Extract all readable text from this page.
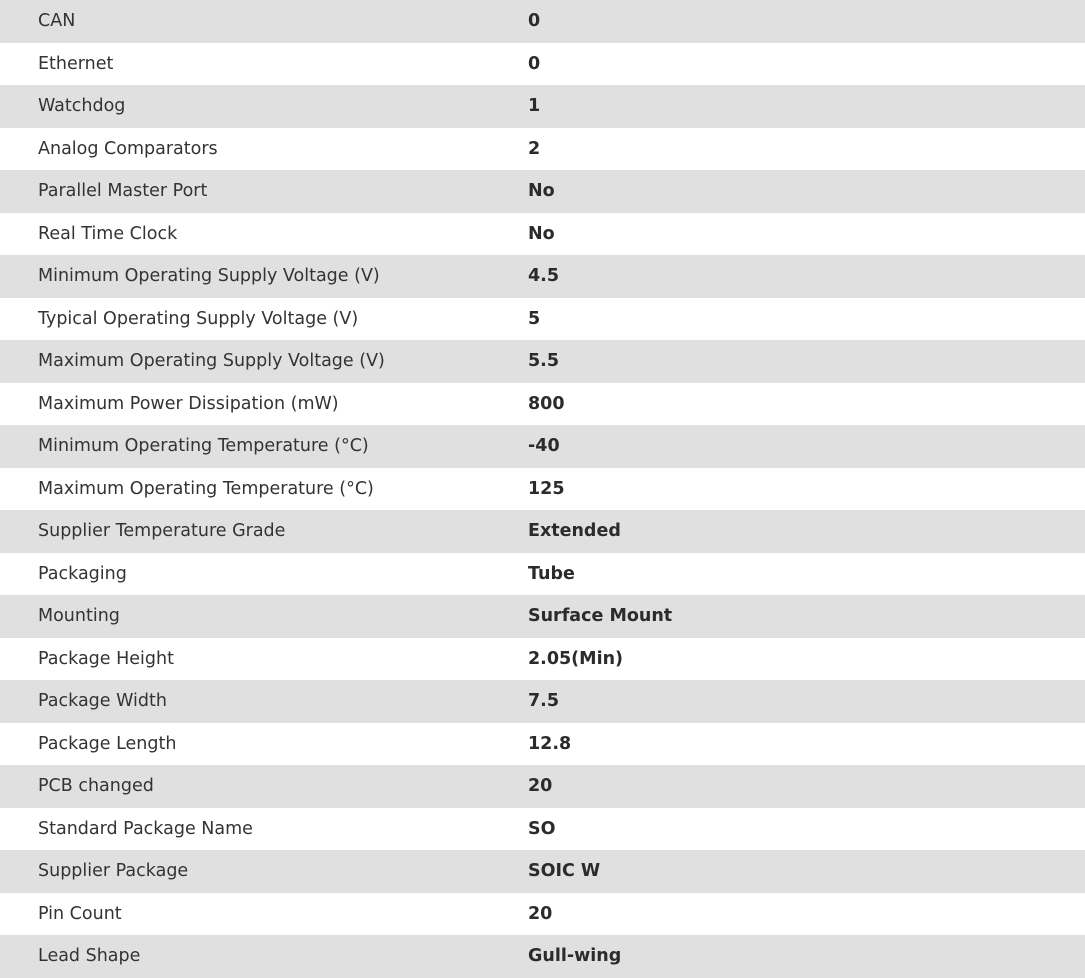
CAN	0
Ethernet	0
Watchdog	1
Analog Comparators	2
Parallel Master Port	No
Real Time Clock	No
Minimum Operating Supply Voltage (V)	4.5
Typical Operating Supply Voltage (V)	5
Maximum Operating Supply Voltage (V)	5.5
Maximum Power Dissipation (mW)	800
Minimum Operating Temperature (°C)	-40
Maximum Operating Temperature (°C)	125
Supplier Temperature Grade	Extended
Packaging	Tube
Mounting	Surface Mount
Package Height	2.05(Min)
Package Width	7.5
Package Length	12.8
PCB changed	20
Standard Package Name	SO
Supplier Package	SOIC W
Pin Count	20
Lead Shape	Gull-wing
